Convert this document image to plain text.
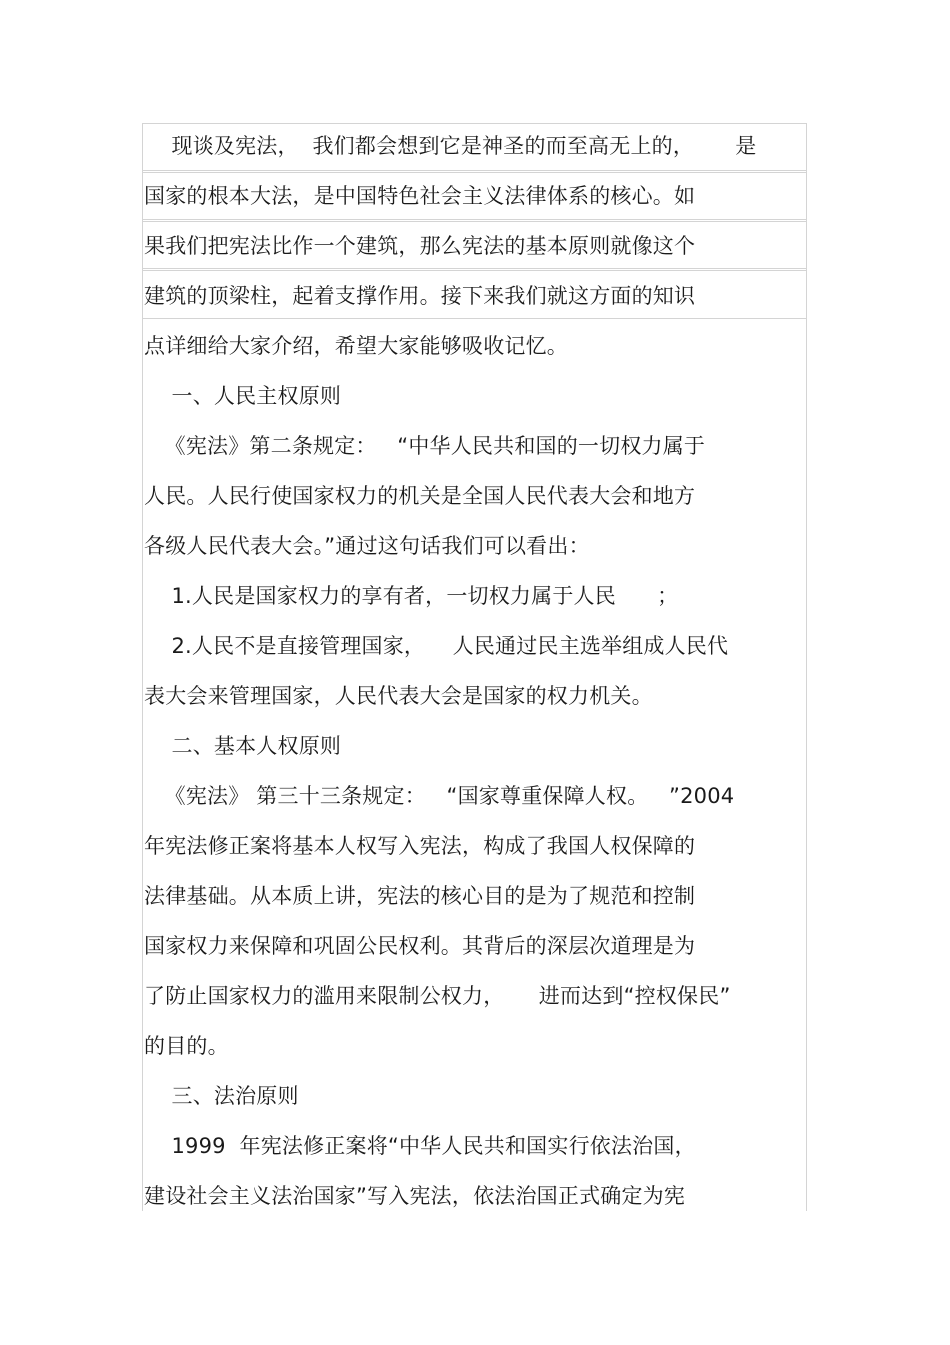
现谈及宪法，  我们都会想到它是神圣的而至高无上的，      是
国家的根本大法，是中国特色社会主义法律体系的核心。如
果我们把宪法比作一个建筑，那么宪法的基本原则就像这个
建筑的顶梁柱，起着支撑作用。接下来我们就这方面的知识
点详细给大家介绍，希望大家能够吸收记忆。
一、人民主权原则
《宪法》第二条规定：   “中华人民共和国的一切权力属于
人民。人民行使国家权力的机关是全国人民代表大会和地方
各级人民代表大会。”通过这句话我们可以看出：
1.人民是国家权力的享有者，一切权力属于人民      ；
2.人民不是直接管理国家，    人民通过民主选举组成人民代
表大会来管理国家，人民代表大会是国家的权力机关。
二、基本人权原则
《宪法》 第三十三条规定：   “国家尊重保障人权。   ”2004
年宪法修正案将基本人权写入宪法，构成了我国人权保障的
法律基础。从本质上讲，宪法的核心目的是为了规范和控制
国家权力来保障和巩固公民权利。其背后的深层次道理是为
了防止国家权力的滥用来限制公权力，     进而达到“控权保民”
的目的。
三、法治原则
1999  年宪法修正案将“中华人民共和国实行依法治国，
建设社会主义法治国家”写入宪法，依法治国正式确定为宪
